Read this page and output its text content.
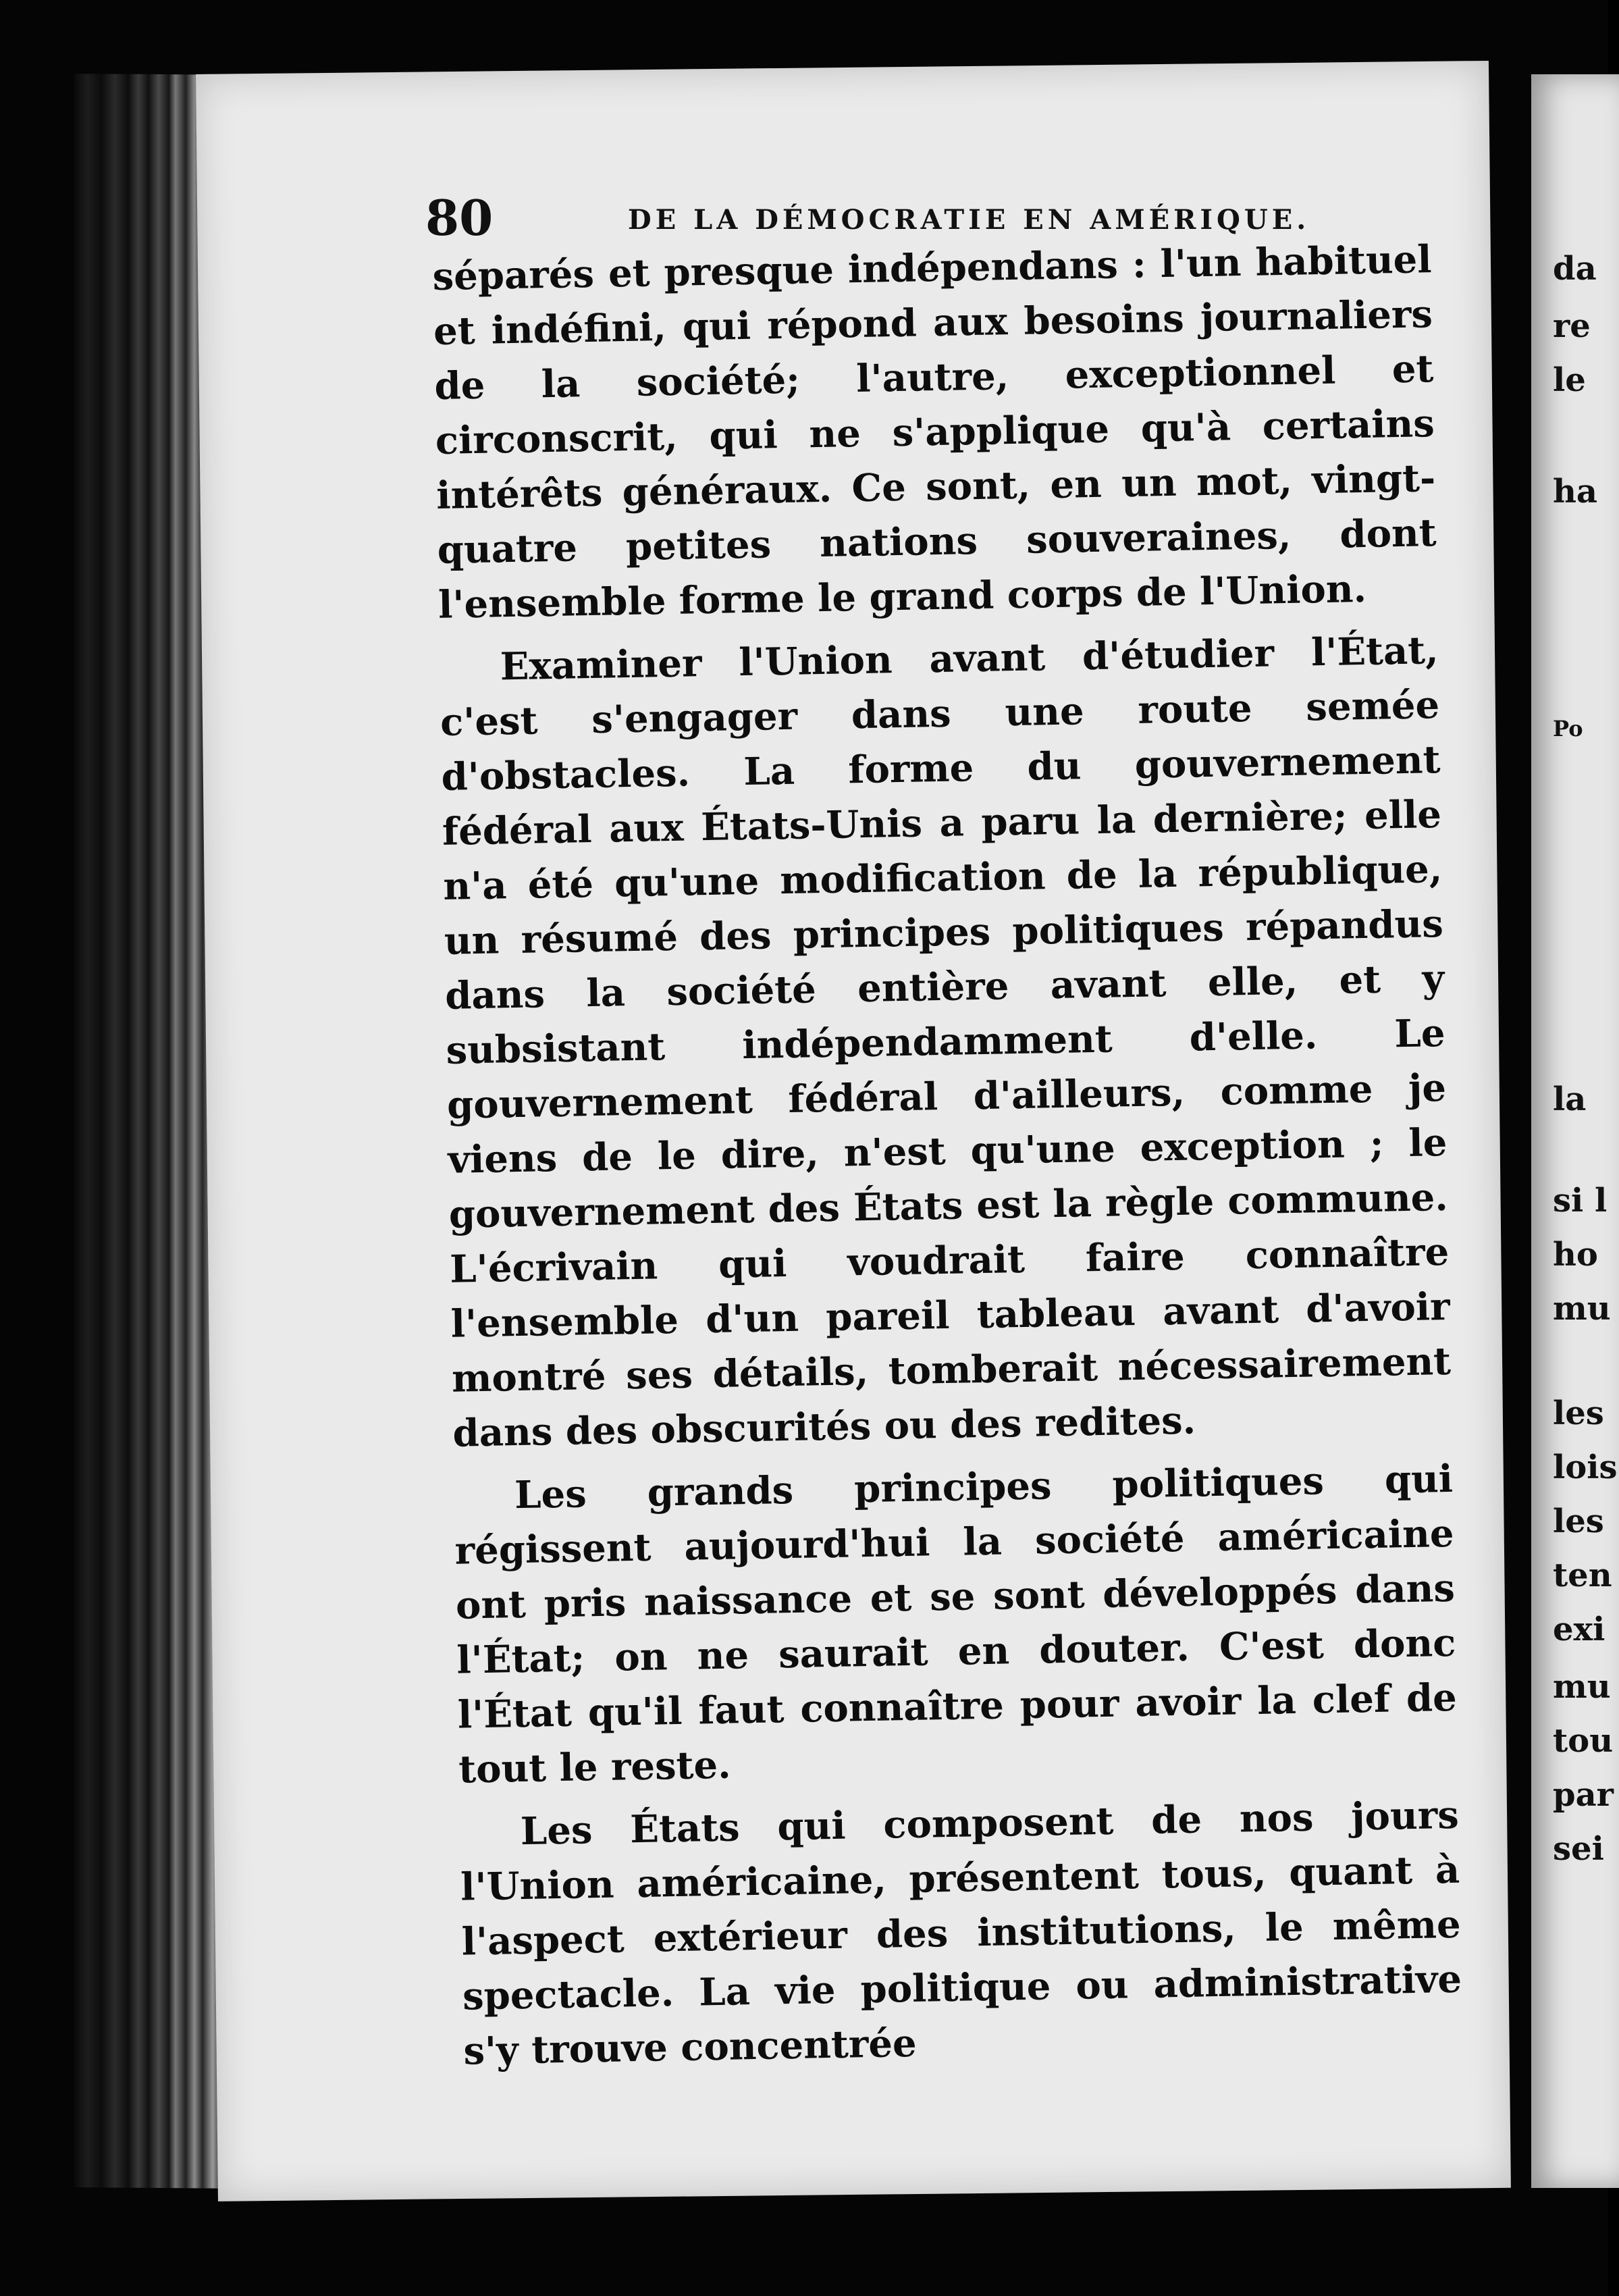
80	DE LA DÉMOCRATIE EN AMÉRIQUE.

séparés et presque indépendans : l'un habituel et indéfini, qui répond aux besoins journaliers de la société; l'autre, exceptionnel et circonscrit, qui ne s'applique qu'à certains intérêts généraux. Ce sont, en un mot, vingt-quatre petites nations souveraines, dont l'ensemble forme le grand corps de l'Union.

Examiner l'Union avant d'étudier l'État, c'est s'engager dans une route semée d'obstacles. La forme du gouvernement fédéral aux États-Unis a paru la dernière; elle n'a été qu'une modification de la république, un résumé des principes politiques répandus dans la société entière avant elle, et y subsistant indépendamment d'elle. Le gouvernement fédéral d'ailleurs, comme je viens de le dire, n'est qu'une exception ; le gouvernement des États est la règle commune. L'écrivain qui voudrait faire connaître l'ensemble d'un pareil tableau avant d'avoir montré ses détails, tomberait nécessairement dans des obscurités ou des redites.

Les grands principes politiques qui régissent aujourd'hui la société américaine ont pris naissance et se sont développés dans l'État; on ne saurait en douter. C'est donc l'État qu'il faut connaître pour avoir la clef de tout le reste.

Les États qui composent de nos jours l'Union américaine, présentent tous, quant à l'aspect extérieur des institutions, le même spectacle. La vie politique ou administrative s'y trouve concentrée

da
re
le
ha
Po
la
si l
ho
mu
les
lois
les
ten
exi
mu
tou
par
sei
